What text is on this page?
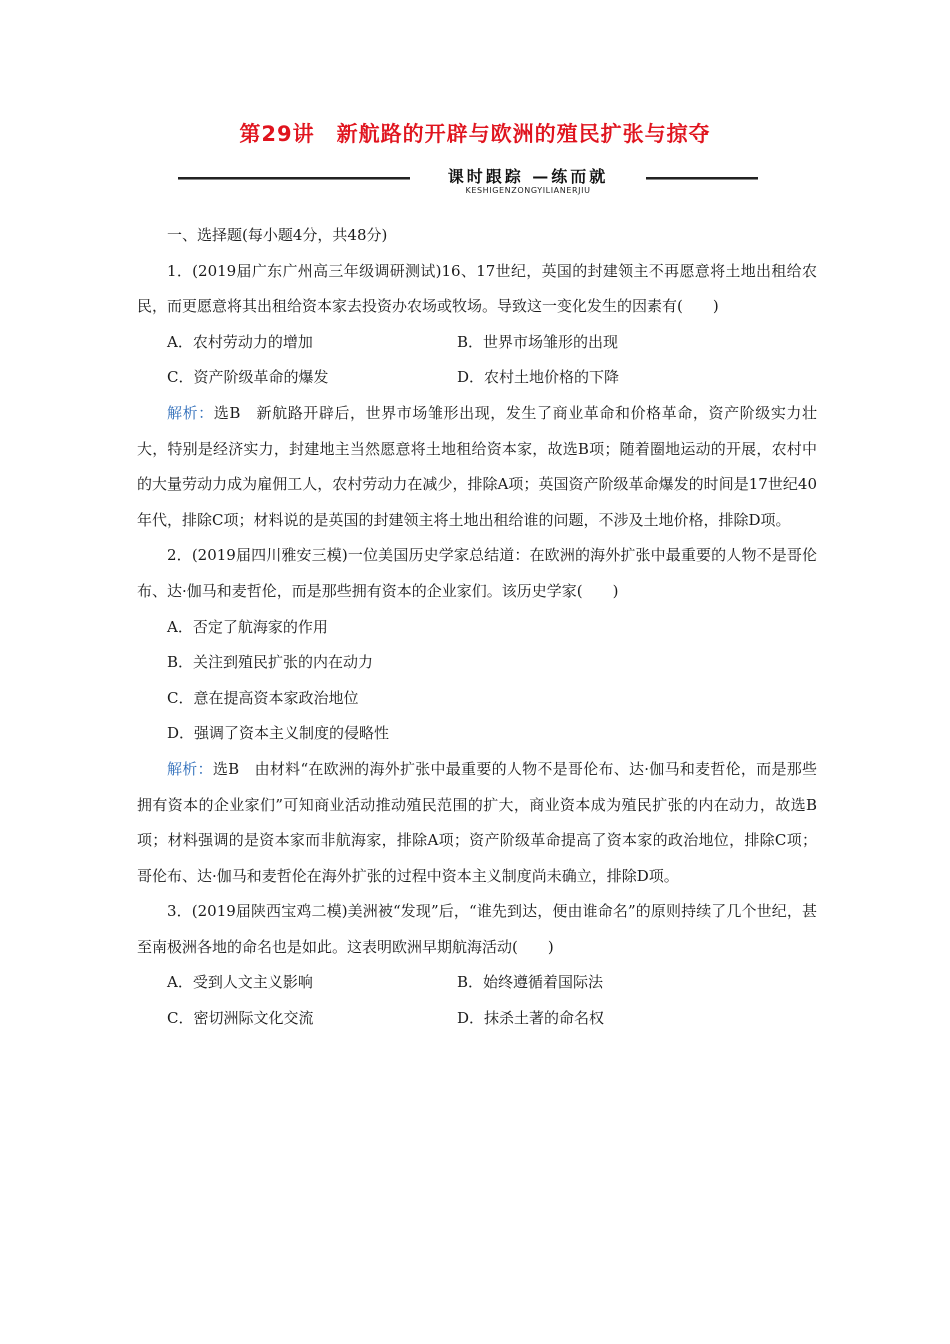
第29讲　新航路的开辟与欧洲的殖民扩张与掠夺
课时跟踪 —练而就
KESHIGENZONGYILIANERJIU

一、选择题(每小题4分，共48分)

1．(2019届广东广州高三年级调研测试)16、17世纪，英国的封建领主不再愿意将土地出租给农民，而更愿意将其出租给资本家去投资办农场或牧场。导致这一变化发生的因素有(　　)

A．农村劳动力的增加	B．世界市场雏形的出现
C．资产阶级革命的爆发	D．农村土地价格的下降

解析：选B　新航路开辟后，世界市场雏形出现，发生了商业革命和价格革命，资产阶级实力壮大，特别是经济实力，封建地主当然愿意将土地租给资本家，故选B项；随着圈地运动的开展，农村中的大量劳动力成为雇佣工人，农村劳动力在减少，排除A项；英国资产阶级革命爆发的时间是17世纪40年代，排除C项；材料说的是英国的封建领主将土地出租给谁的问题，不涉及土地价格，排除D项。

2．(2019届四川雅安三模)一位美国历史学家总结道：在欧洲的海外扩张中最重要的人物不是哥伦布、达·伽马和麦哲伦，而是那些拥有资本的企业家们。该历史学家(　　)

A．否定了航海家的作用
B．关注到殖民扩张的内在动力
C．意在提高资本家政治地位
D．强调了资本主义制度的侵略性

解析：选B　由材料“在欧洲的海外扩张中最重要的人物不是哥伦布、达·伽马和麦哲伦，而是那些拥有资本的企业家们”可知商业活动推动殖民范围的扩大，商业资本成为殖民扩张的内在动力，故选B项；材料强调的是资本家而非航海家，排除A项；资产阶级革命提高了资本家的政治地位，排除C项；哥伦布、达·伽马和麦哲伦在海外扩张的过程中资本主义制度尚未确立，排除D项。

3．(2019届陕西宝鸡二模)美洲被“发现”后，“谁先到达，便由谁命名”的原则持续了几个世纪，甚至南极洲各地的命名也是如此。这表明欧洲早期航海活动(　　)

A．受到人文主义影响	B．始终遵循着国际法
C．密切洲际文化交流	D．抹杀土著的命名权
